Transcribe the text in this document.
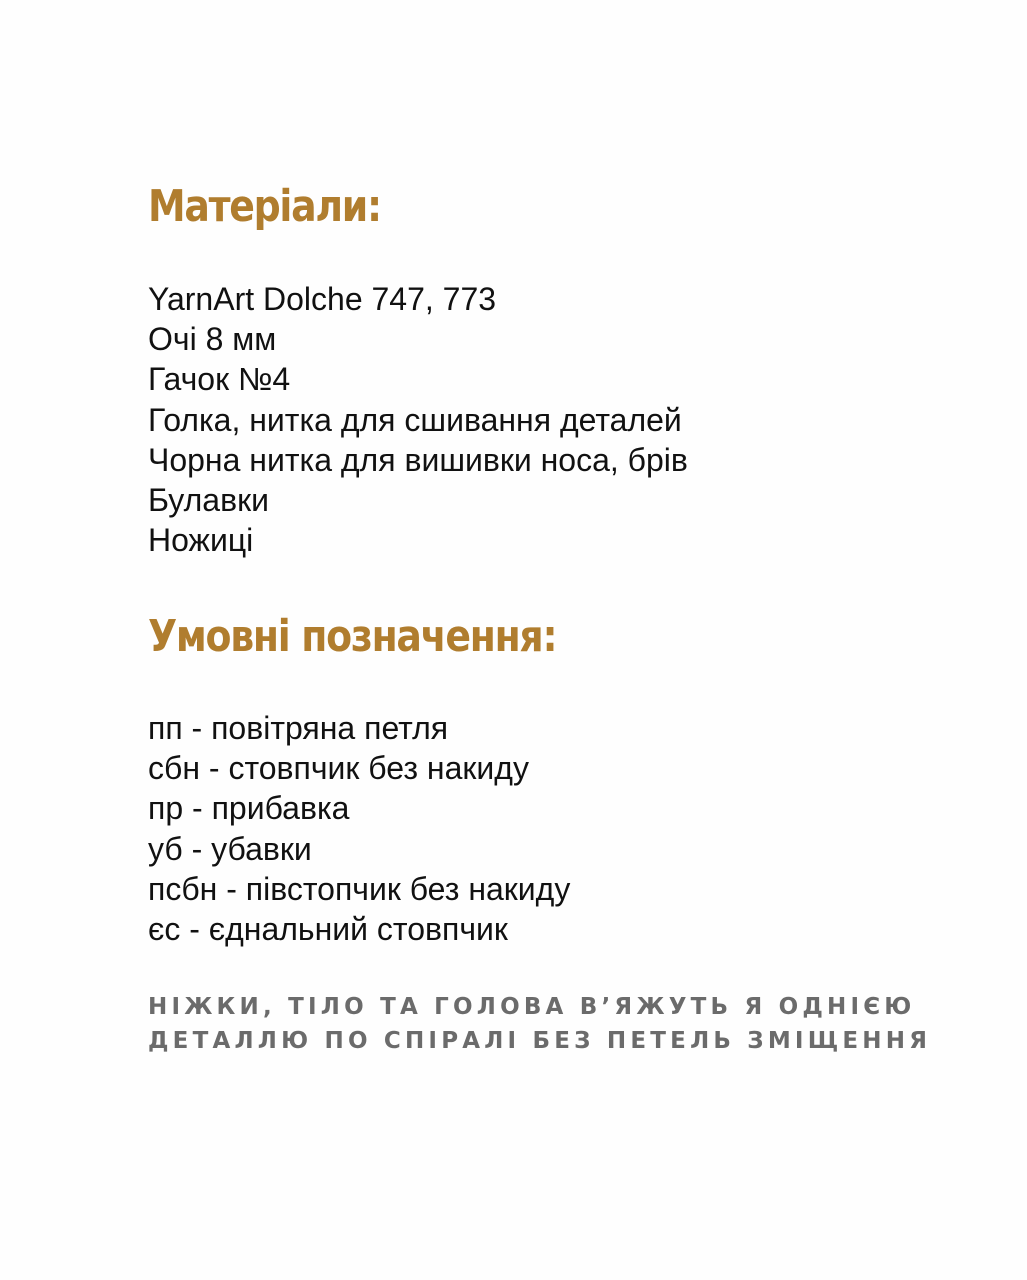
Матеріали:
YarnArt Dolche 747, 773
Очі 8 мм
Гачок №4
Голка, нитка для сшивання деталей
Чорна нитка для вишивки носа, брів
Булавки
Ножиці
Умовні позначення:
пп - повітряна петля
сбн - стовпчик без накиду
пр - прибавка
уб - убавки
псбн - півстопчик без накиду
єс - єднальний стовпчик

НІЖКИ, ТІЛО ТА ГОЛОВА В’ЯЖУТЬ Я ОДНІЄЮ
ДЕТАЛЛЮ ПО СПІРАЛІ БЕЗ ПЕТЕЛЬ ЗМІЩЕННЯ
